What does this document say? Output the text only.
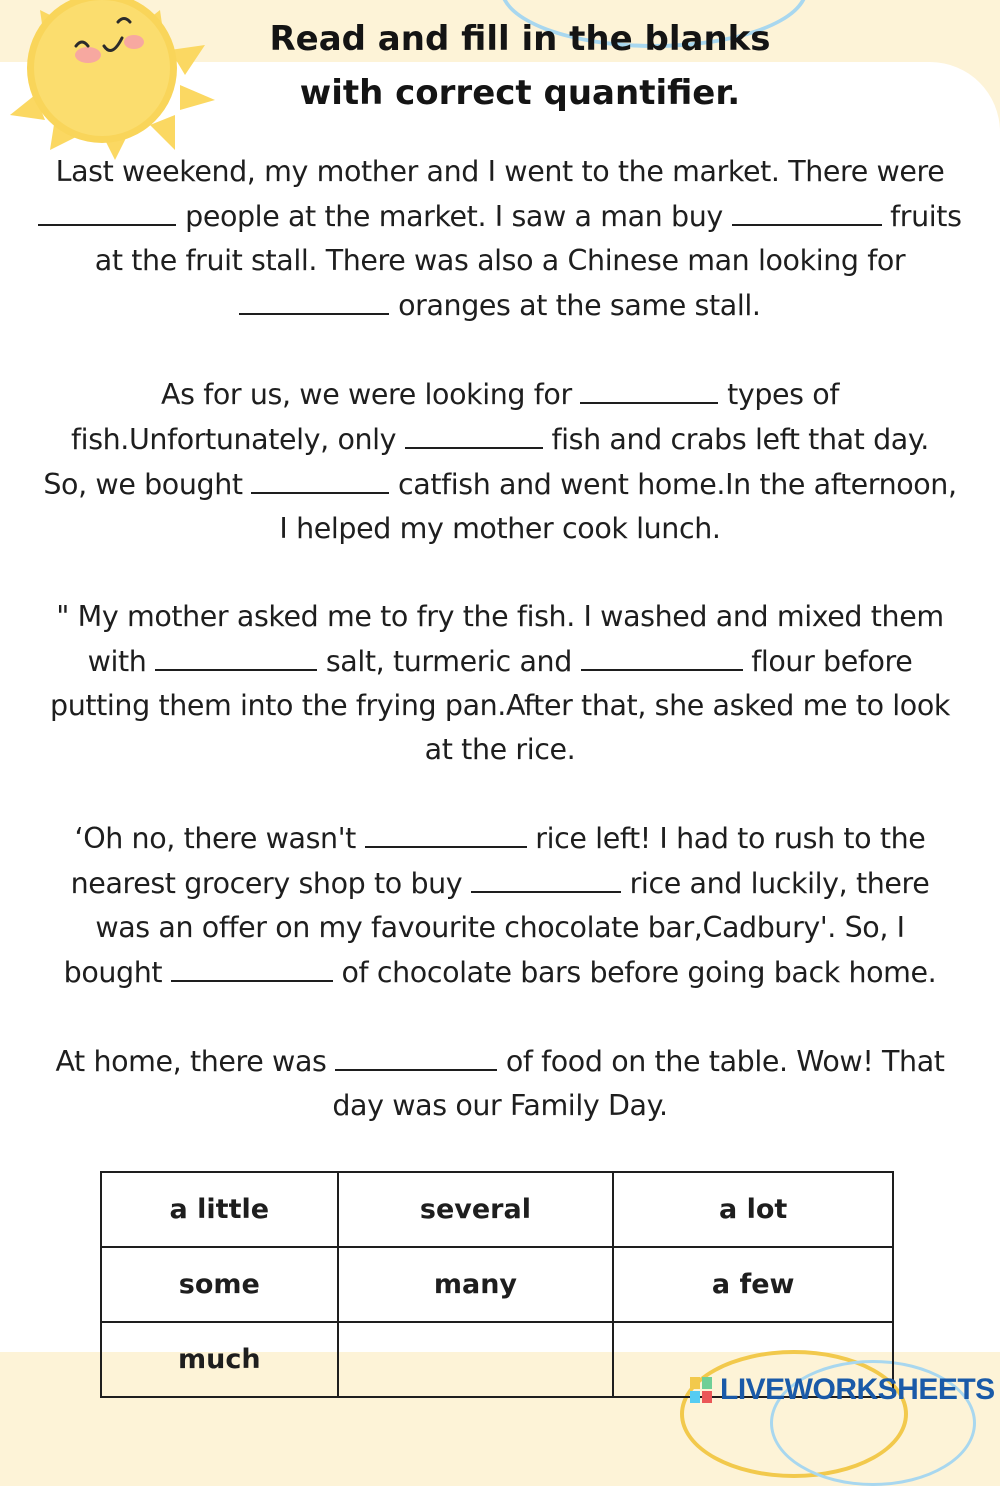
Read and fill in the blanks
with correct quantifier.

Last weekend, my mother and I went to the market. There were
people at the market. I saw a man buy	fruits
at the fruit stall. There was also a Chinese man looking for
oranges at the same stall.

As for us, we were looking for	types of
fish.Unfortunately, only	fish and crabs left that day.
So, we bought	catfish and went home.In the afternoon,
I helped my mother cook lunch.

" My mother asked me to fry the fish. I washed and mixed them
with	salt, turmeric and	flour before
putting them into the frying pan.After that, she asked me to look
at the rice.

‘Oh no, there wasn't	rice left! I had to rush to the
nearest grocery shop to buy	rice and luckily, there
was an offer on my favourite chocolate bar,Cadbury'. So, I
bought	of chocolate bars before going back home.

At home, there was	of food on the table. Wow! That
day was our Family Day.

a little	several	a lot
some	many	a few
much		
LIVEWORKSHEETS
